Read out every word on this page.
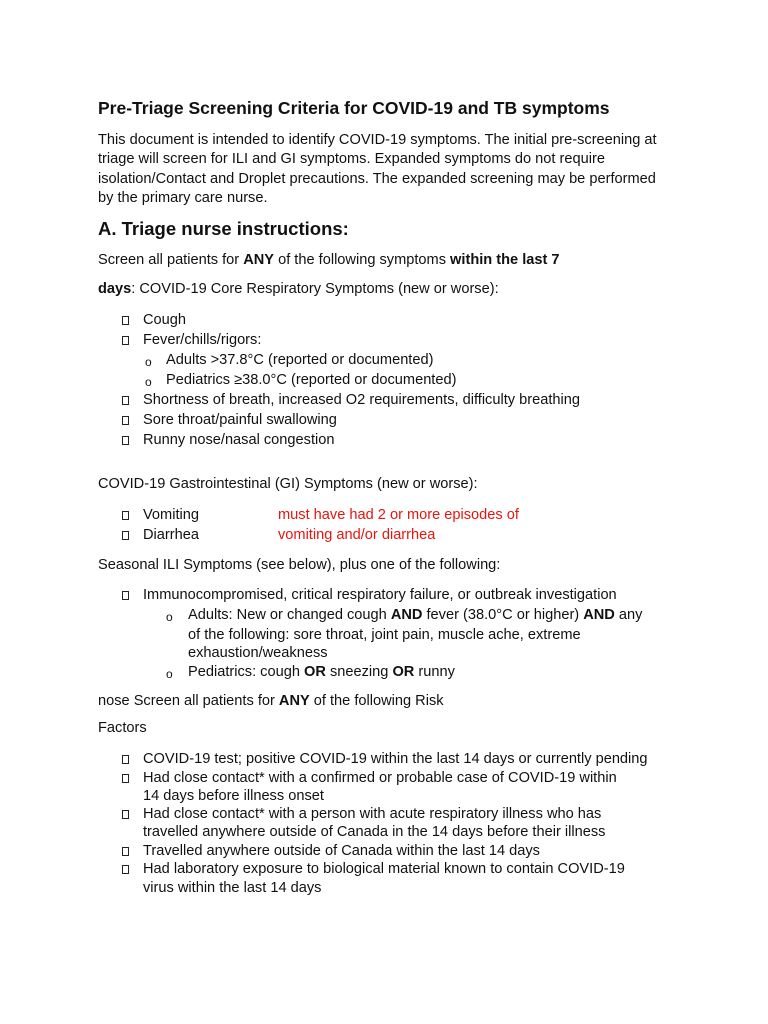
Pre-Triage Screening Criteria for COVID-19 and TB symptoms
This document is intended to identify COVID-19 symptoms. The initial pre-screening at
triage will screen for ILI and GI symptoms. Expanded symptoms do not require
isolation/Contact and Droplet precautions. The expanded screening may be performed
by the primary care nurse.
A. Triage nurse instructions:
Screen all patients for ANY of the following symptoms within the last 7
days: COVID-19 Core Respiratory Symptoms (new or worse):
Cough
Fever/chills/rigors:
o Adults >37.8°C (reported or documented)
o Pediatrics ≥38.0°C (reported or documented)
Shortness of breath, increased O2 requirements, difficulty breathing
Sore throat/painful swallowing
Runny nose/nasal congestion
COVID-19 Gastrointestinal (GI) Symptoms (new or worse):
Vomiting	must have had 2 or more episodes of
Diarrhea	vomiting and/or diarrhea
Seasonal ILI Symptoms (see below), plus one of the following:
Immunocompromised, critical respiratory failure, or outbreak investigation
o Adults: New or changed cough AND fever (38.0°C or higher) AND any
of the following: sore throat, joint pain, muscle ache, extreme
exhaustion/weakness
o Pediatrics: cough OR sneezing OR runny
nose Screen all patients for ANY of the following Risk
Factors
COVID-19 test; positive COVID-19 within the last 14 days or currently pending
Had close contact* with a confirmed or probable case of COVID-19 within
14 days before illness onset
Had close contact* with a person with acute respiratory illness who has
travelled anywhere outside of Canada in the 14 days before their illness
Travelled anywhere outside of Canada within the last 14 days
Had laboratory exposure to biological material known to contain COVID-19
virus within the last 14 days
